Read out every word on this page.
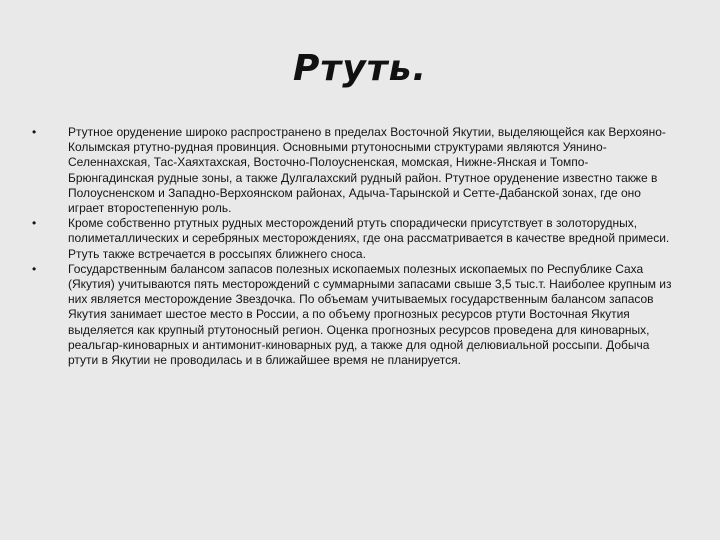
Ртуть.
•	Ртутное оруденение широко распространено в пределах Восточной Якутии, выделяющейся как Верхояно-Колымская ртутно-рудная провинция. Основными ртутоносными структурами являются Уянино-Селеннахская, Тас-Хаяхтахская, Восточно-Полоусненская, момская, Нижне-Янская и Томпо-Брюнгадинская рудные зоны, а также Дулгалахский рудный район. Ртутное оруденение известно также в Полоусненском и Западно-Верхоянском районах, Адыча-Тарынской и Сетте-Дабанской зонах, где оно играет второстепенную роль.
•	Кроме собственно ртутных рудных месторождений ртуть спорадически присутствует в золоторудных, полиметаллических и серебряных месторождениях, где она рассматривается в качестве вредной примеси. Ртуть также встречается в россыпях ближнего сноса.
•	Государственным балансом запасов полезных ископаемых полезных ископаемых по Республике Саха (Якутия) учитываются пять месторождений с суммарными запасами свыше 3,5 тыс.т. Наиболее крупным из них является месторождение Звездочка. По объемам учитываемых государственным балансом запасов Якутия занимает шестое место в России, а по объему прогнозных ресурсов ртути Восточная Якутия выделяется как крупный ртутоносный регион. Оценка прогнозных ресурсов проведена для киноварных, реальгар-киноварных и антимонит-киноварных руд, а также для одной делювиальной россыпи. Добыча ртути в Якутии не проводилась и в ближайшее время не планируется.
